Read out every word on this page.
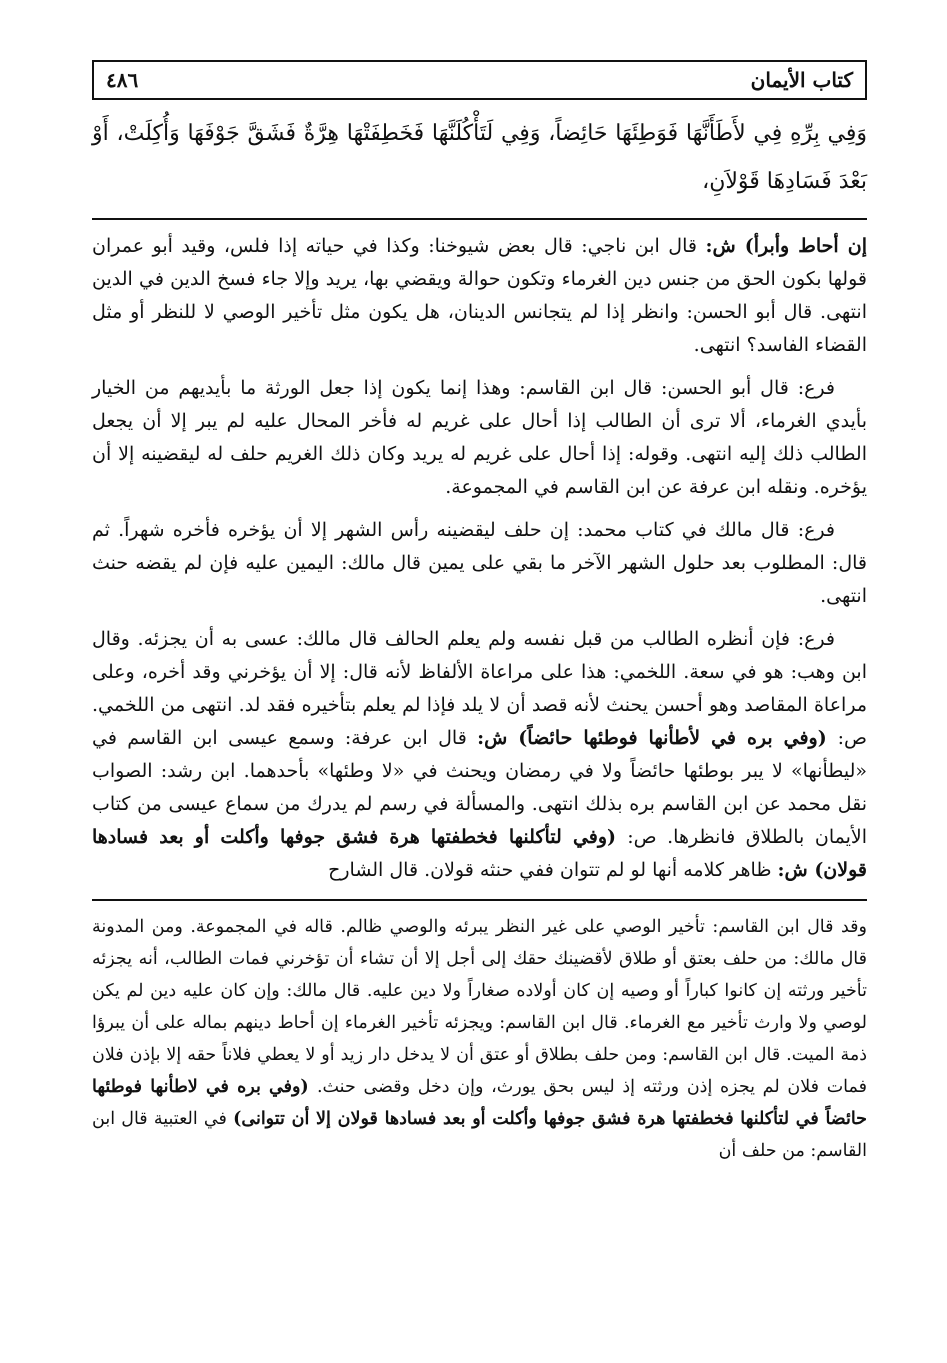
كتاب الأيمان
٤٨٦
وَفِي بِرِّهِ فِي لأَطَأَنَّهَا فَوَطِئَهَا حَائِضاً، وَفِي لَتَأْكُلَنَّهَا فَخَطِفَتْهَا هِرَّةٌ فَشَقَّ جَوْفَهَا وَأُكِلَتْ، أَوْ بَعْدَ فَسَادِهَا قَوْلاَنِ،

إن أحاط وأبرأ) ش: قال ابن ناجي: قال بعض شيوخنا: وكذا في حياته إذا فلس، وقيد أبو عمران قولها بكون الحق من جنس دين الغرماء وتكون حوالة ويقضي بها، يريد وإلا جاء فسخ الدين في الدين انتهى. قال أبو الحسن: وانظر إذا لم يتجانس الدينان، هل يكون مثل تأخير الوصي لا للنظر أو مثل القضاء الفاسد؟ انتهى.

فرع: قال أبو الحسن: قال ابن القاسم: وهذا إنما يكون إذا جعل الورثة ما بأيديهم من الخيار بأيدي الغرماء، ألا ترى أن الطالب إذا أحال على غريم له فأخر المحال عليه لم يبر إلا أن يجعل الطالب ذلك إليه انتهى. وقوله: إذا أحال على غريم له يريد وكان ذلك الغريم حلف له ليقضينه إلا أن يؤخره. ونقله ابن عرفة عن ابن القاسم في المجموعة.

فرع: قال مالك في كتاب محمد: إن حلف ليقضينه رأس الشهر إلا أن يؤخره فأخره شهراً. ثم قال: المطلوب بعد حلول الشهر الآخر ما بقي على يمين قال مالك: اليمين عليه فإن لم يقضه حنث انتهى.

فرع: فإن أنظره الطالب من قبل نفسه ولم يعلم الحالف قال مالك: عسى به أن يجزئه. وقال ابن وهب: هو في سعة. اللخمي: هذا على مراعاة الألفاظ لأنه قال: إلا أن يؤخرني وقد أخره، وعلى مراعاة المقاصد وهو أحسن يحنث لأنه قصد أن لا يلد فإذا لم يعلم بتأخيره فقد لد. انتهى من اللخمي. ص: (وفي بره في لأطأنها فوطئها حائضاً) ش: قال ابن عرفة: وسمع عيسى ابن القاسم في «ليطأنها» لا يبر بوطئها حائضاً ولا في رمضان ويحنث في «لا وطئها» بأحدهما. ابن رشد: الصواب نقل محمد عن ابن القاسم بره بذلك انتهى. والمسألة في رسم لم يدرك من سماع عيسى من كتاب الأيمان بالطلاق فانظرها. ص: (وفي لتأكلنها فخطفتها هرة فشق جوفها وأكلت أو بعد فسادها قولان) ش: ظاهر كلامه أنها لو لم تتوان ففي حنثه قولان. قال الشارح

وقد قال ابن القاسم: تأخير الوصي على غير النظر يبرئه والوصي ظالم. قاله في المجموعة. ومن المدونة قال مالك: من حلف بعتق أو طلاق لأقضينك حقك إلى أجل إلا أن تشاء أن تؤخرني فمات الطالب، أنه يجزئه تأخير ورثته إن كانوا كباراً أو وصيه إن كان أولاده صغاراً ولا دين عليه. قال مالك: وإن كان عليه دين لم يكن لوصي ولا وارث تأخير مع الغرماء. قال ابن القاسم: ويجزئه تأخير الغرماء إن أحاط دينهم بماله على أن يبرؤا ذمة الميت. قال ابن القاسم: ومن حلف بطلاق أو عتق أن لا يدخل دار زيد أو لا يعطي فلاناً حقه إلا بإذن فلان فمات فلان لم يجزه إذن ورثته إذ ليس بحق يورث، وإن دخل وقضى حنث. (وفي بره في لاطأنها فوطئها حائضاً في لتأكلنها فخطفتها هرة فشق جوفها وأكلت أو بعد فسادها قولان إلا أن تتوانى) في العتبية قال ابن القاسم: من حلف أن
